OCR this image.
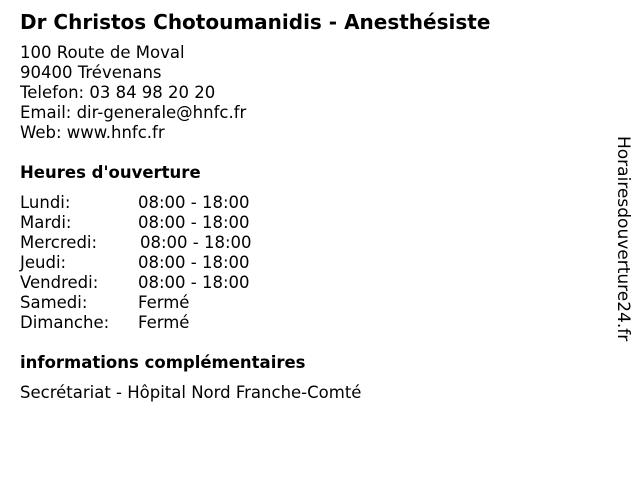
Dr Christos Chotoumanidis - Anesthésiste
100 Route de Moval
90400 Trévenans
Telefon: 03 84 98 20 20
Email: dir-generale@hnfc.fr
Web: www.hnfc.fr
Heures d'ouverture
Lundi:	08:00 - 18:00
Mardi:	08:00 - 18:00
Mercredi:	08:00 - 18:00
Jeudi:	08:00 - 18:00
Vendredi: 08:00 - 18:00
Samedi:	Fermé
Dimanche: Fermé
informations complémentaires
Secrétariat - Hôpital Nord Franche-Comté
Horairesdouverture24.fr
